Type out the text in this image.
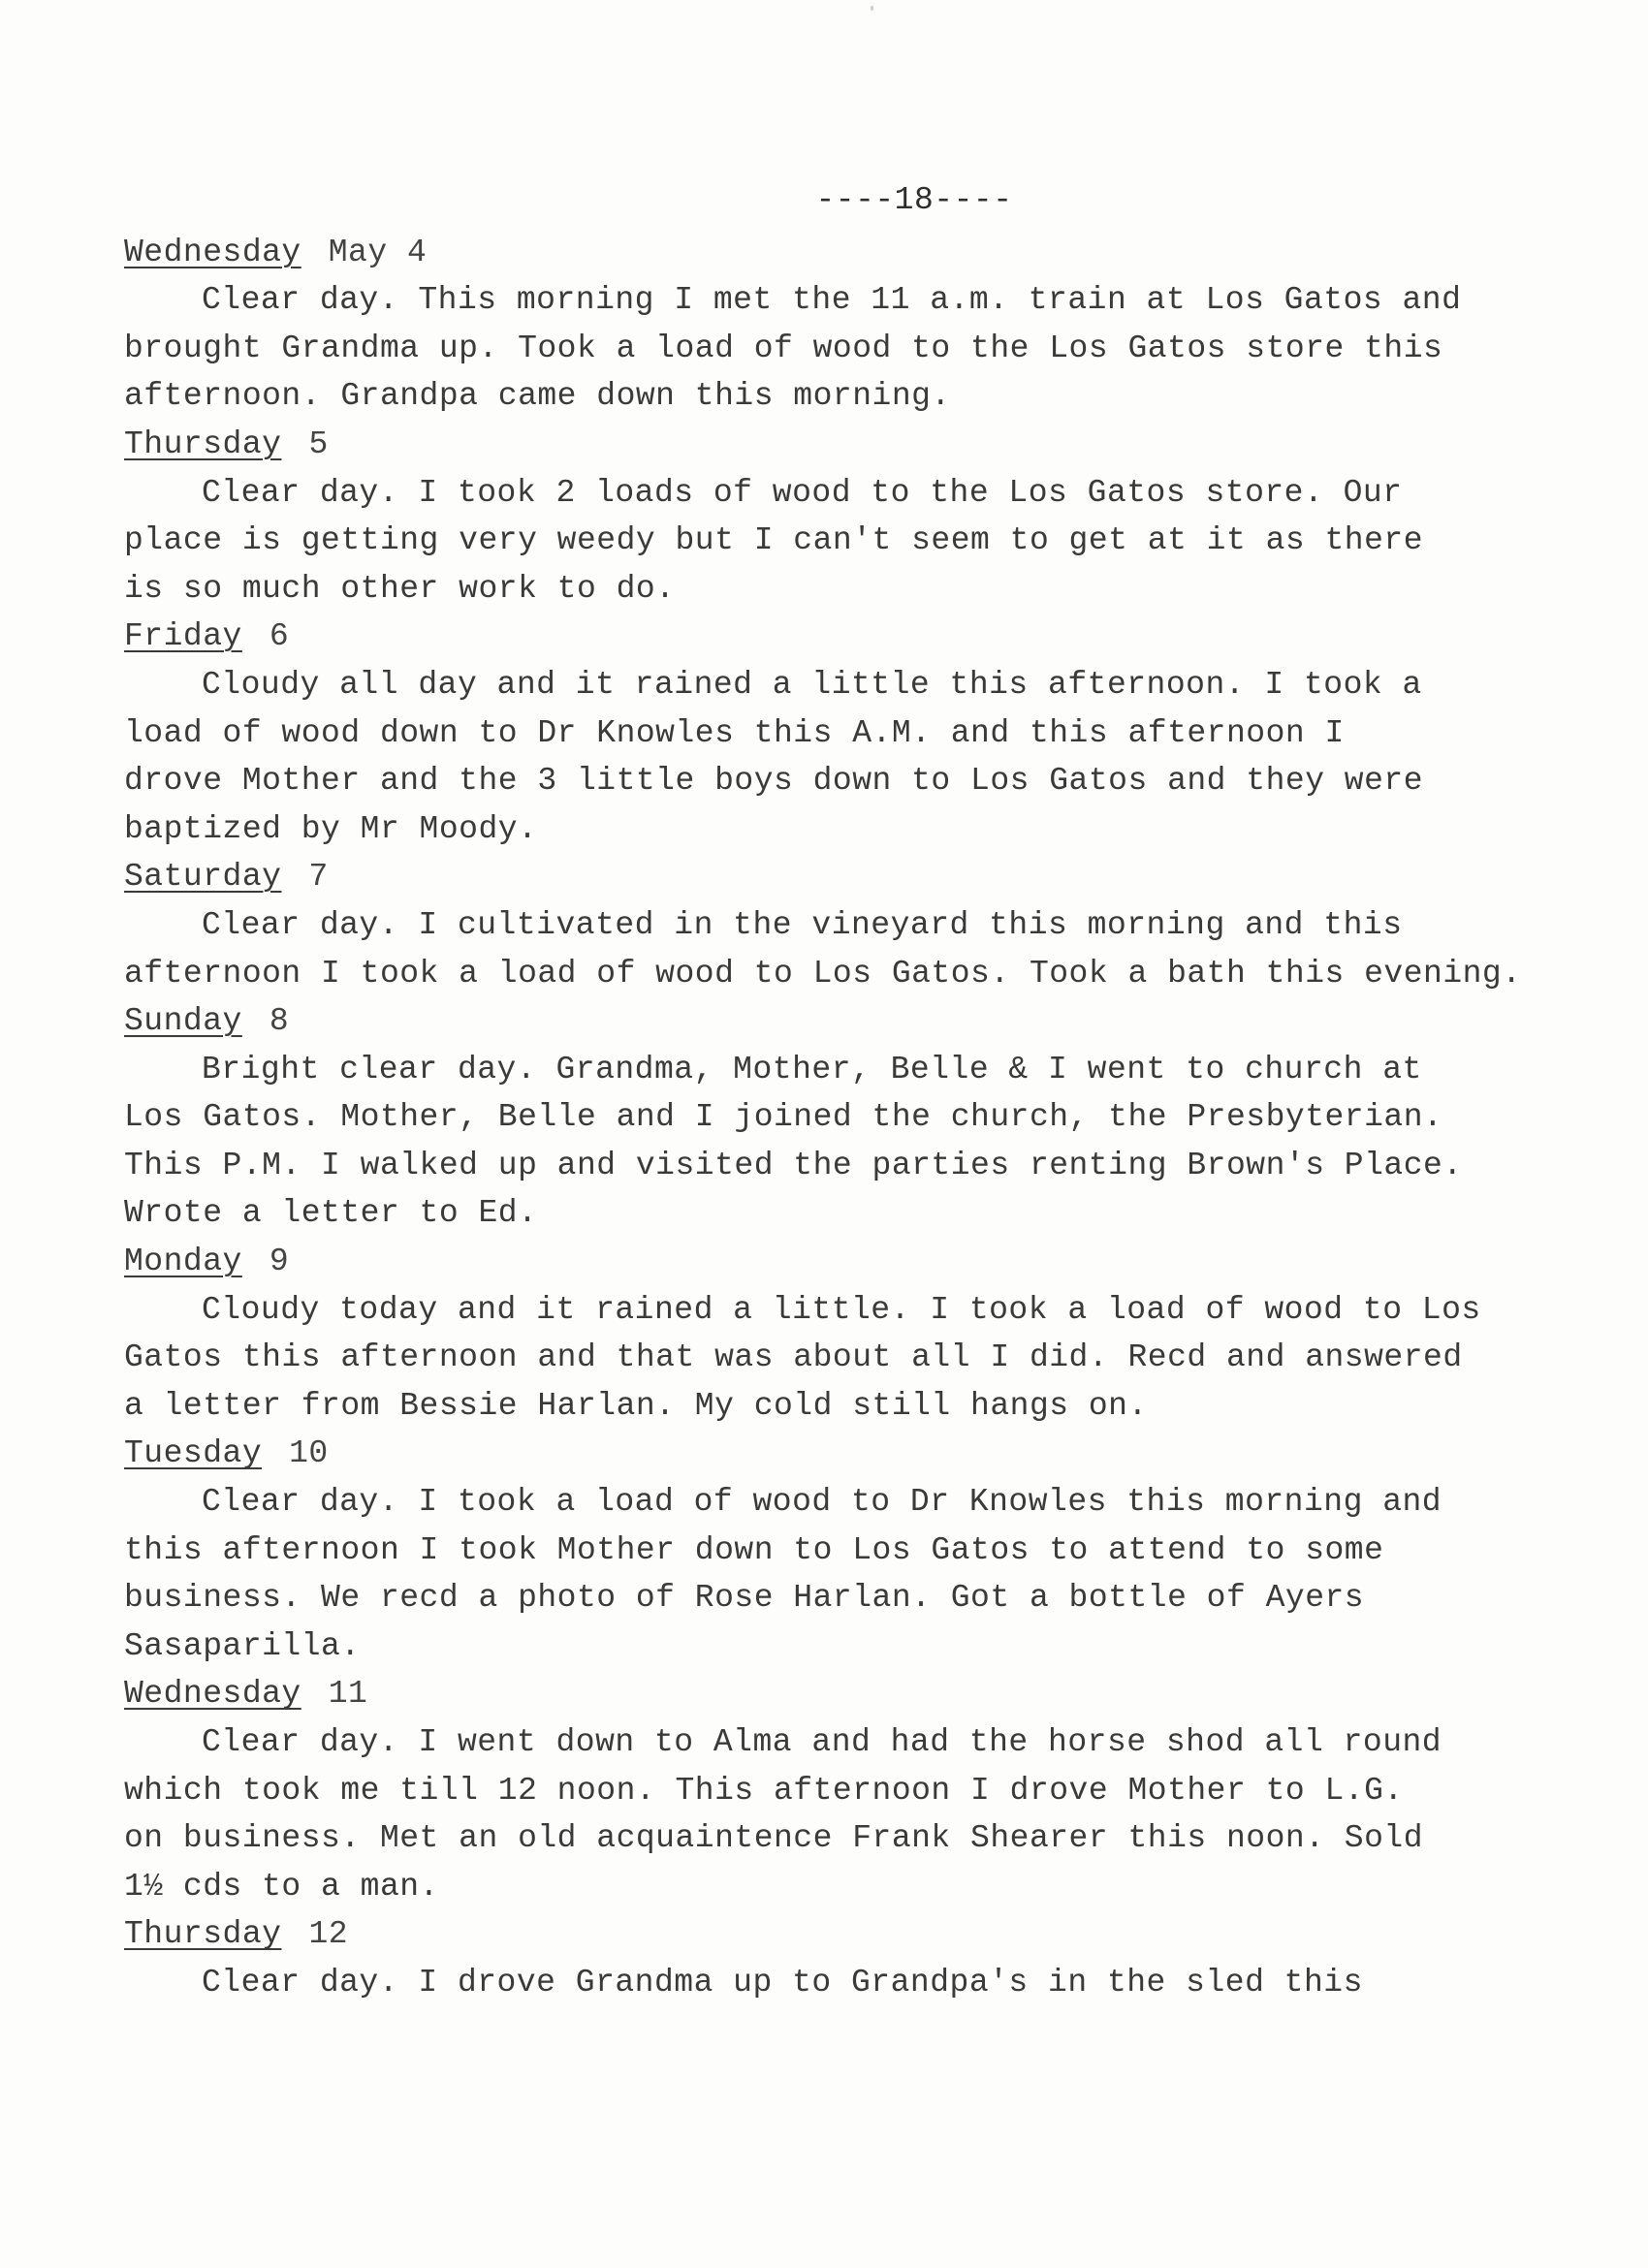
----18----
Wednesday May 4
Clear day. This morning I met the 11 a.m. train at Los Gatos and
brought Grandma up. Took a load of wood to the Los Gatos store this
afternoon. Grandpa came down this morning.
Thursday 5
Clear day. I took 2 loads of wood to the Los Gatos store. Our
place is getting very weedy but I can't seem to get at it as there
is so much other work to do.
Friday 6
Cloudy all day and it rained a little this afternoon. I took a
load of wood down to Dr Knowles this A.M. and this afternoon I
drove Mother and the 3 little boys down to Los Gatos and they were
baptized by Mr Moody.
Saturday 7
Clear day. I cultivated in the vineyard this morning and this
afternoon I took a load of wood to Los Gatos. Took a bath this evening.
Sunday 8
Bright clear day. Grandma, Mother, Belle & I went to church at
Los Gatos. Mother, Belle and I joined the church, the Presbyterian.
This P.M. I walked up and visited the parties renting Brown's Place.
Wrote a letter to Ed.
Monday 9
Cloudy today and it rained a little. I took a load of wood to Los
Gatos this afternoon and that was about all I did. Recd and answered
a letter from Bessie Harlan. My cold still hangs on.
Tuesday 10
Clear day. I took a load of wood to Dr Knowles this morning and
this afternoon I took Mother down to Los Gatos to attend to some
business. We recd a photo of Rose Harlan. Got a bottle of Ayers
Sasaparilla.
Wednesday 11
Clear day. I went down to Alma and had the horse shod all round
which took me till 12 noon. This afternoon I drove Mother to L.G.
on business. Met an old acquaintence Frank Shearer this noon. Sold
1½ cds to a man.
Thursday 12
Clear day. I drove Grandma up to Grandpa's in the sled this
